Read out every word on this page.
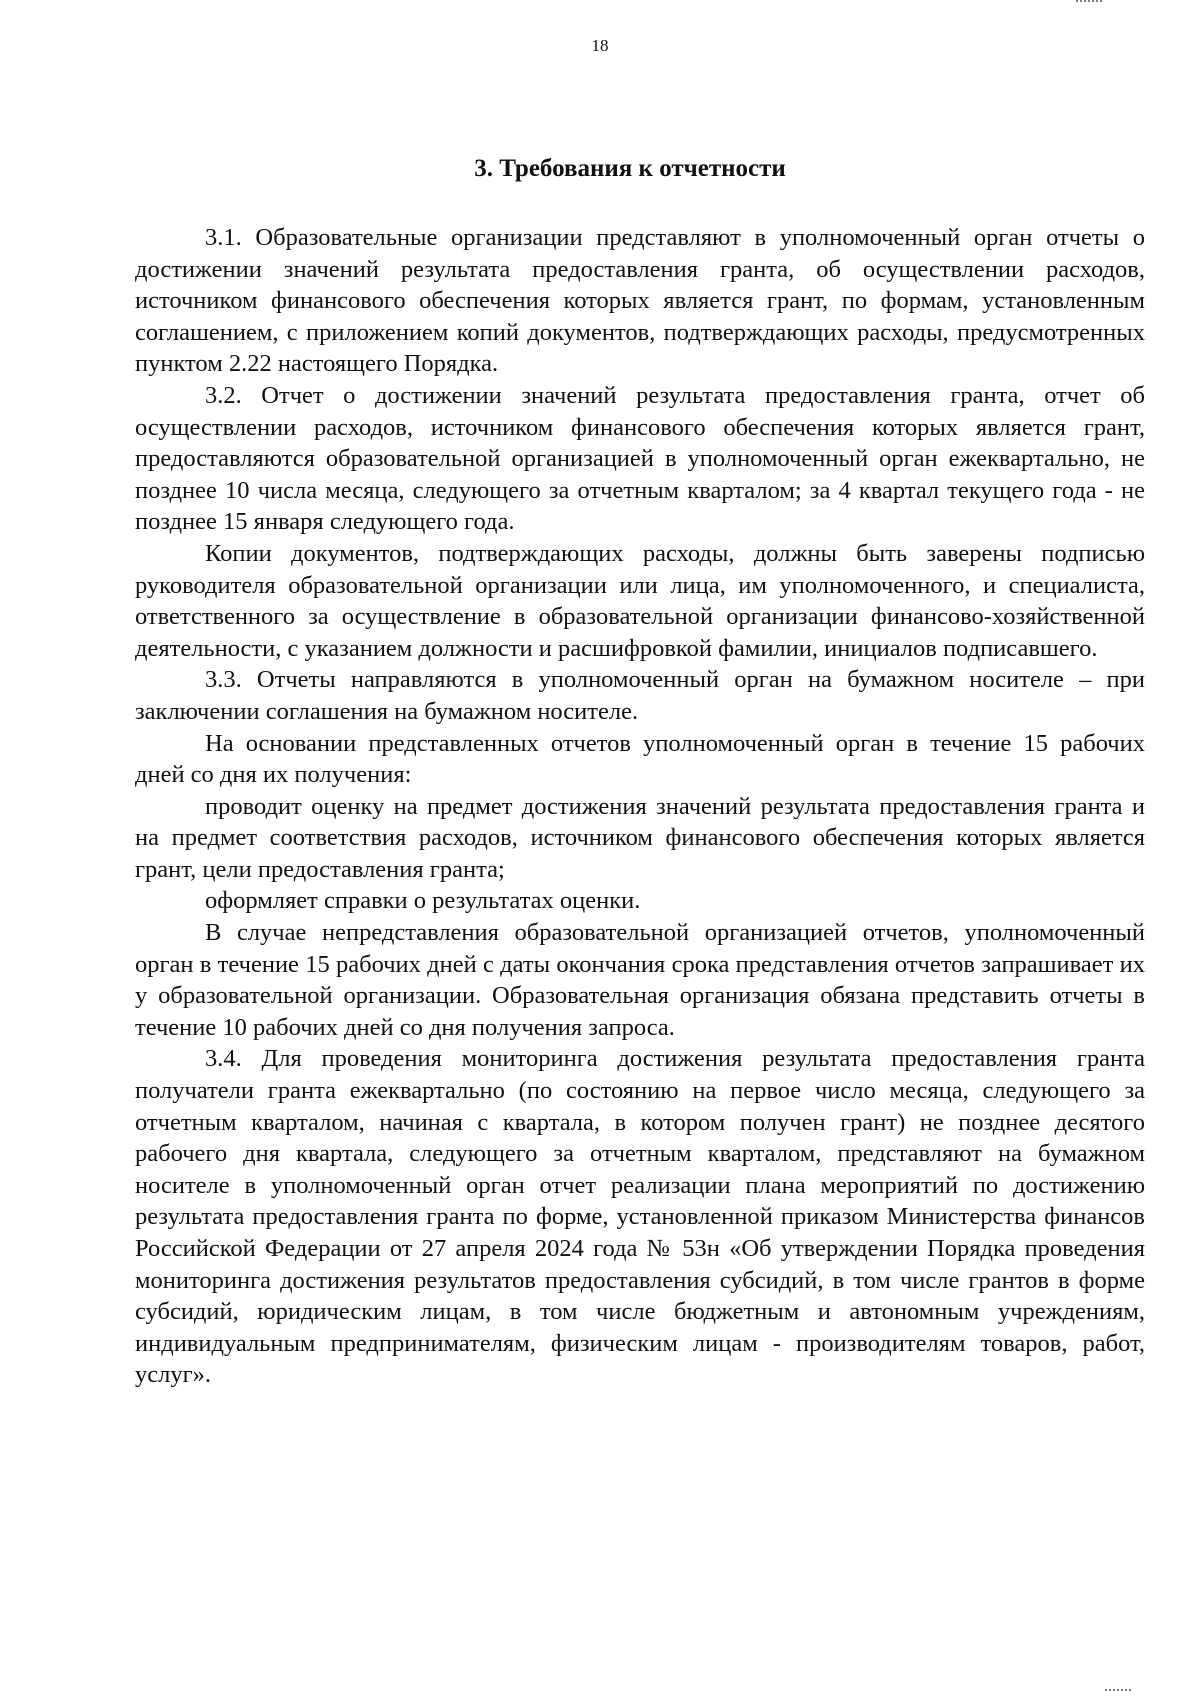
18
3. Требования к отчетности

3.1. Образовательные организации представляют в уполномоченный орган отчеты о достижении значений результата предоставления гранта, об осуществлении расходов, источником финансового обеспечения которых является грант, по формам, установленным соглашением, с приложением копий документов, подтверждающих расходы, предусмотренных пунктом 2.22 настоящего Порядка.

3.2. Отчет о достижении значений результата предоставления гранта, отчет об осуществлении расходов, источником финансового обеспечения которых является грант, предоставляются образовательной организацией в уполномоченный орган ежеквартально, не позднее 10 числа месяца, следующего за отчетным кварталом; за 4 квартал текущего года - не позднее 15 января следующего года.

Копии документов, подтверждающих расходы, должны быть заверены подписью руководителя образовательной организации или лица, им уполномоченного, и специалиста, ответственного за осуществление в образовательной организации финансово-хозяйственной деятельности, с указанием должности и расшифровкой фамилии, инициалов подписавшего.

3.3. Отчеты направляются в уполномоченный орган на бумажном носителе – при заключении соглашения на бумажном носителе.

На основании представленных отчетов уполномоченный орган в течение 15 рабочих дней со дня их получения:

проводит оценку на предмет достижения значений результата предоставления гранта и на предмет соответствия расходов, источником финансового обеспечения которых является грант, цели предоставления гранта;

оформляет справки о результатах оценки.

В случае непредставления образовательной организацией отчетов, уполномоченный орган в течение 15 рабочих дней с даты окончания срока представления отчетов запрашивает их у образовательной организации. Образовательная организация обязана представить отчеты в течение 10 рабочих дней со дня получения запроса.

3.4. Для проведения мониторинга достижения результата предоставления гранта получатели гранта ежеквартально (по состоянию на первое число месяца, следующего за отчетным кварталом, начиная с квартала, в котором получен грант) не позднее десятого рабочего дня квартала, следующего за отчетным кварталом, представляют на бумажном носителе в уполномоченный орган отчет реализации плана мероприятий по достижению результата предоставления гранта по форме, установленной приказом Министерства финансов Российской Федерации от 27 апреля 2024 года № 53н «Об утверждении Порядка проведения мониторинга достижения результатов предоставления субсидий, в том числе грантов в форме субсидий, юридическим лицам, в том числе бюджетным и автономным учреждениям, индивидуальным предпринимателям, физическим лицам - производителям товаров, работ, услуг».
